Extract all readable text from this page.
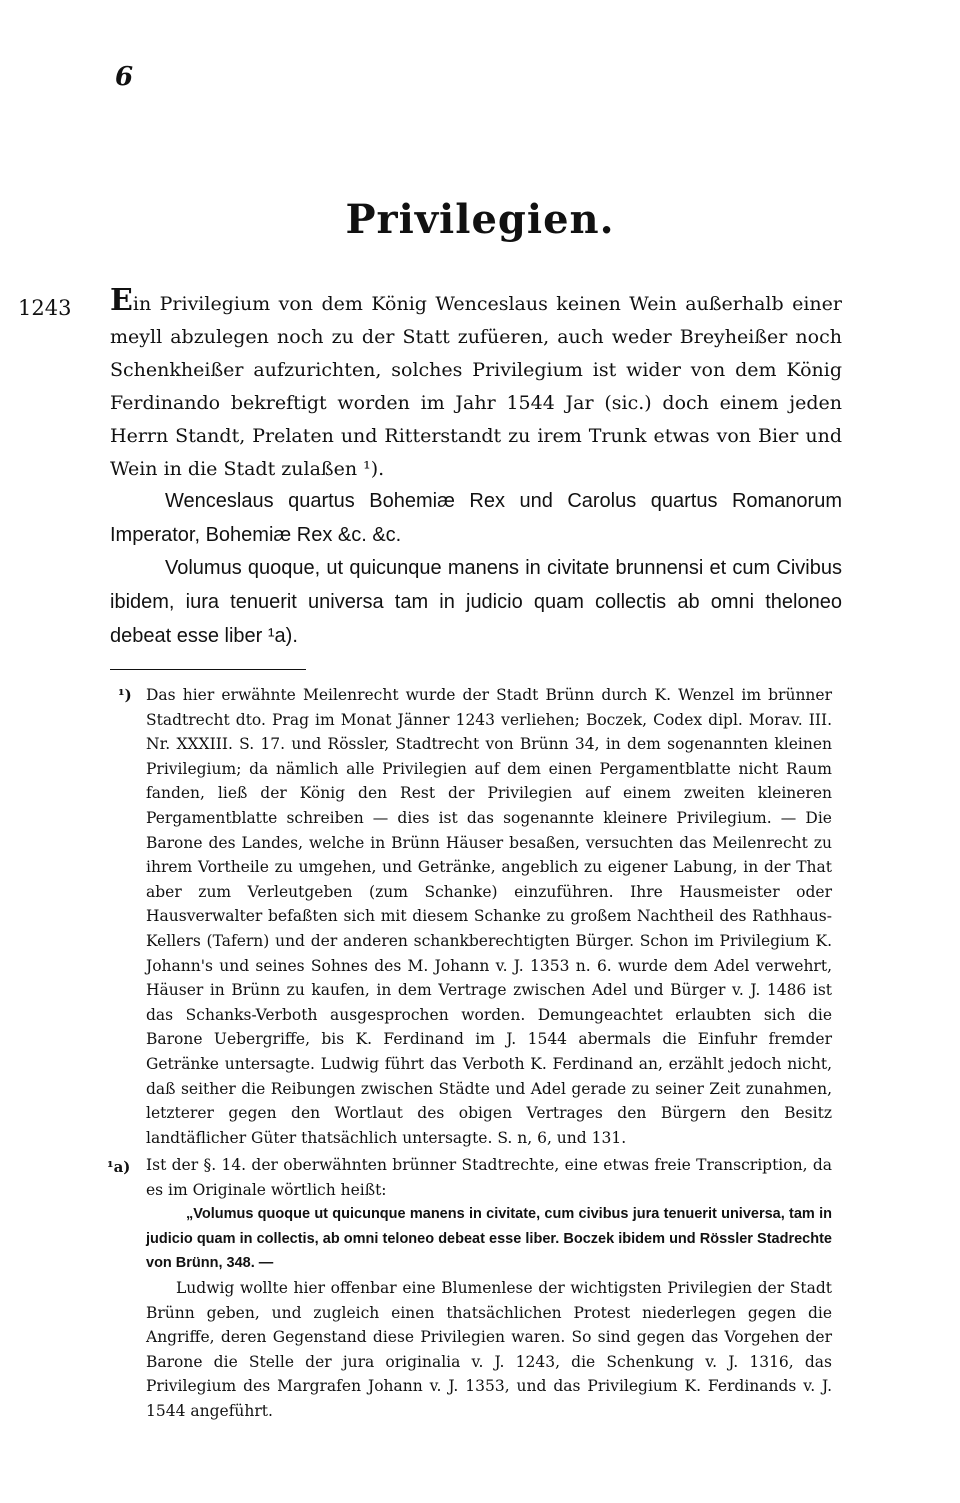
6
Privilegien.
1243 Ein Privilegium von dem König Wenceslaus keinen Wein außerhalb einer meyll abzulegen noch zu der Statt zufüeren, auch weder Breyheißer noch Schenkheißer aufzurichten, solches Privilegium ist wider von dem König Ferdinando bekreftigt worden im Jahr 1544 Jar (sic.) doch einem jeden Herrn Standt, Prelaten und Ritterstandt zu irem Trunk etwas von Bier und Wein in die Stadt zulaßen ¹).
Wenceslaus quartus Bohemiæ Rex und Carolus quartus Romanorum Imperator, Bohemiæ Rex &c. &c.
Volumus quoque, ut quicunque manens in civitate brunnensi et cum Civibus ibidem, iura tenuerit universa tam in judicio quam collectis ab omni theloneo debeat esse liber ¹a).
¹) Das hier erwähnte Meilenrecht wurde der Stadt Brünn durch K. Wenzel im brünner Stadtrecht dto. Prag im Monat Jänner 1243 verliehen; Boczek, Codex dipl. Morav. III. Nr. XXXIII. S. 17. und Rössler, Stadtrecht von Brünn 34, in dem sogenannten kleinen Privilegium; da nämlich alle Privilegien auf dem einen Pergamentblatte nicht Raum fanden, ließ der König den Rest der Privilegien auf einem zweiten kleineren Pergamentblatte schreiben — dies ist das sogenannte kleinere Privilegium. — Die Barone des Landes, welche in Brünn Häuser besaßen, versuchten das Meilenrecht zu ihrem Vortheile zu umgehen, und Getränke, angeblich zu eigener Labung, in der That aber zum Verleutgeben (zum Schanke) einzuführen. Ihre Hausmeister oder Hausverwalter befaßten sich mit diesem Schanke zu großem Nachtheil des Rathhaus-Kellers (Tafern) und der anderen schankberechtigten Bürger. Schon im Privilegium K. Johann's und seines Sohnes des M. Johann v. J. 1353 n. 6. wurde dem Adel verwehrt, Häuser in Brünn zu kaufen, in dem Vertrage zwischen Adel und Bürger v. J. 1486 ist das Schanks-Verboth ausgesprochen worden. Demungeachtet erlaubten sich die Barone Uebergriffe, bis K. Ferdinand im J. 1544 abermals die Einfuhr fremder Getränke untersagte. Ludwig führt das Verboth K. Ferdinand an, erzählt jedoch nicht, daß seither die Reibungen zwischen Städte und Adel gerade zu seiner Zeit zunahmen, letzterer gegen den Wortlaut des obigen Vertrages den Bürgern den Besitz landtäflicher Güter thatsächlich untersagte. S. n, 6, und 131.
¹a) Ist der §. 14. der oberwähnten brünner Stadtrechte, eine etwas freie Transcription, da es im Originale wörtlich heißt:
„Volumus quoque ut quicunque manens in civitate, cum civibus jura tenuerit universa, tam in judicio quam in collectis, ab omni teloneo debeat esse liber. Boczek ibidem und Rössler Stadrechte von Brünn, 348. —
Ludwig wollte hier offenbar eine Blumenlese der wichtigsten Privilegien der Stadt Brünn geben, und zugleich einen thatsächlichen Protest niederlegen gegen die Angriffe, deren Gegenstand diese Privilegien waren. So sind gegen das Vorgehen der Barone die Stelle der jura originalia v. J. 1243, die Schenkung v. J. 1316, das Privilegium des Margrafen Johann v. J. 1353, und das Privilegium K. Ferdinands v. J. 1544 angeführt.
